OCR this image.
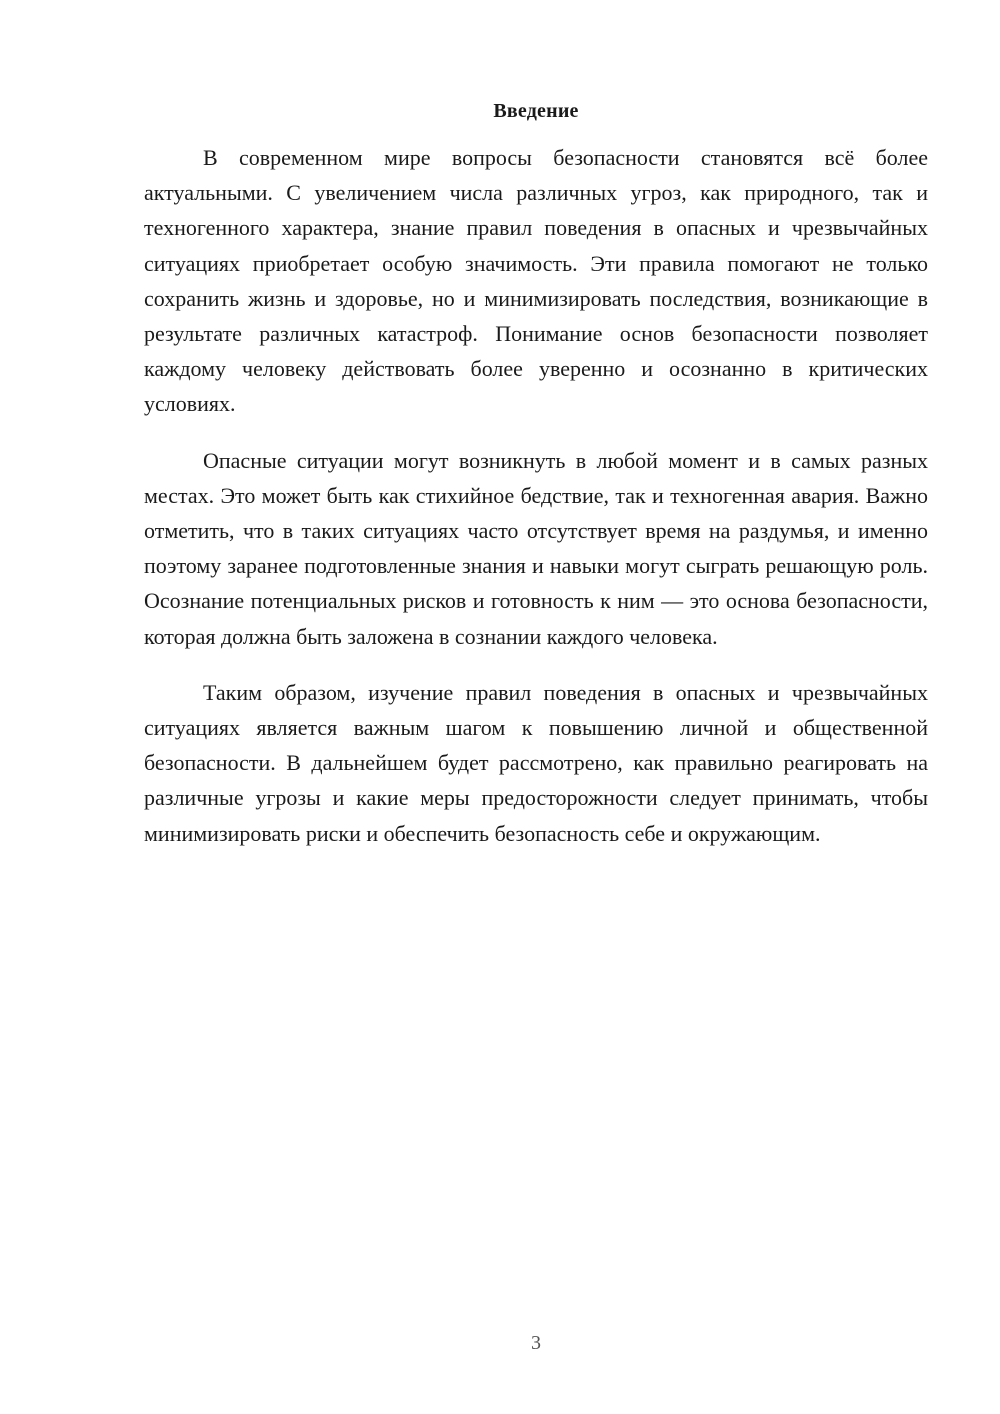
Введение

В современном мире вопросы безопасности становятся всё более актуальными. С увеличением числа различных угроз, как природного, так и техногенного характера, знание правил поведения в опасных и чрезвычайных ситуациях приобретает особую значимость. Эти правила помогают не только сохранить жизнь и здоровье, но и минимизировать последствия, возникающие в результате различных катастроф. Понимание основ безопасности позволяет каждому человеку действовать более уверенно и осознанно в критических условиях.

Опасные ситуации могут возникнуть в любой момент и в самых разных местах. Это может быть как стихийное бедствие, так и техногенная авария. Важно отметить, что в таких ситуациях часто отсутствует время на раздумья, и именно поэтому заранее подготовленные знания и навыки могут сыграть решающую роль. Осознание потенциальных рисков и готовность к ним — это основа безопасности, которая должна быть заложена в сознании каждого человека.

Таким образом, изучение правил поведения в опасных и чрезвычайных ситуациях является важным шагом к повышению личной и общественной безопасности. В дальнейшем будет рассмотрено, как правильно реагировать на различные угрозы и какие меры предосторожности следует принимать, чтобы минимизировать риски и обеспечить безопасность себе и окружающим.

3
